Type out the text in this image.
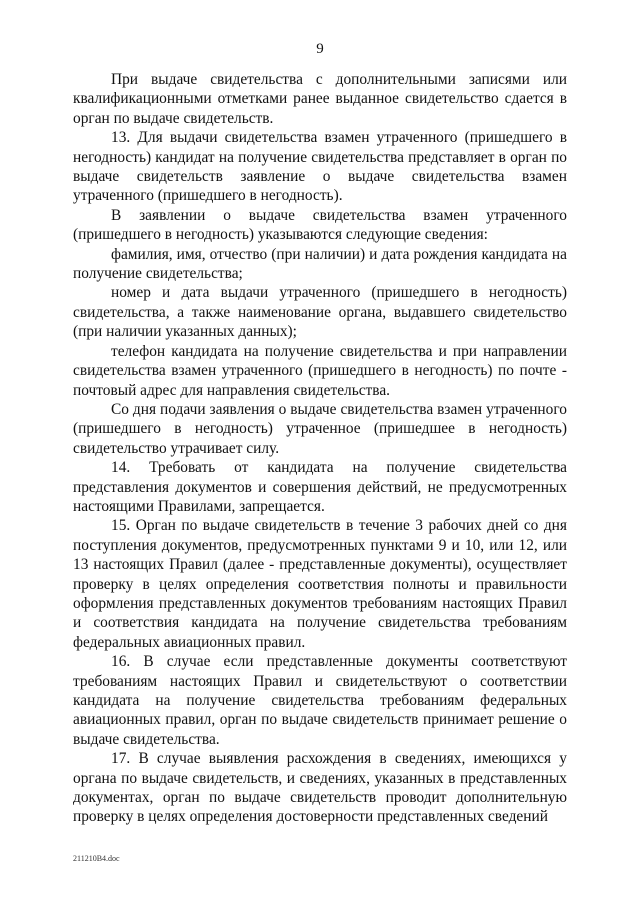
9

При выдаче свидетельства с дополнительными записями или квалификационными отметками ранее выданное свидетельство сдается в орган по выдаче свидетельств.

13. Для выдачи свидетельства взамен утраченного (пришедшего в негодность) кандидат на получение свидетельства представляет в орган по выдаче свидетельств заявление о выдаче свидетельства взамен утраченного (пришедшего в негодность).

В заявлении о выдаче свидетельства взамен утраченного (пришедшего в негодность) указываются следующие сведения:

фамилия, имя, отчество (при наличии) и дата рождения кандидата на получение свидетельства;

номер и дата выдачи утраченного (пришедшего в негодность) свидетельства, а также наименование органа, выдавшего свидетельство (при наличии указанных данных);

телефон кандидата на получение свидетельства и при направлении свидетельства взамен утраченного (пришедшего в негодность) по почте - почтовый адрес для направления свидетельства.

Со дня подачи заявления о выдаче свидетельства взамен утраченного (пришедшего в негодность) утраченное (пришедшее в негодность) свидетельство утрачивает силу.

14. Требовать от кандидата на получение свидетельства представления документов и совершения действий, не предусмотренных настоящими Правилами, запрещается.

15. Орган по выдаче свидетельств в течение 3 рабочих дней со дня поступления документов, предусмотренных пунктами 9 и 10, или 12, или 13 настоящих Правил (далее - представленные документы), осуществляет проверку в целях определения соответствия полноты и правильности оформления представленных документов требованиям настоящих Правил и соответствия кандидата на получение свидетельства требованиям федеральных авиационных правил.

16. В случае если представленные документы соответствуют требованиям настоящих Правил и свидетельствуют о соответствии кандидата на получение свидетельства требованиям федеральных авиационных правил, орган по выдаче свидетельств принимает решение о выдаче свидетельства.

17. В случае выявления расхождения в сведениях, имеющихся у органа по выдаче свидетельств, и сведениях, указанных в представленных документах, орган по выдаче свидетельств проводит дополнительную проверку в целях определения достоверности представленных сведений

211210В4.doc
